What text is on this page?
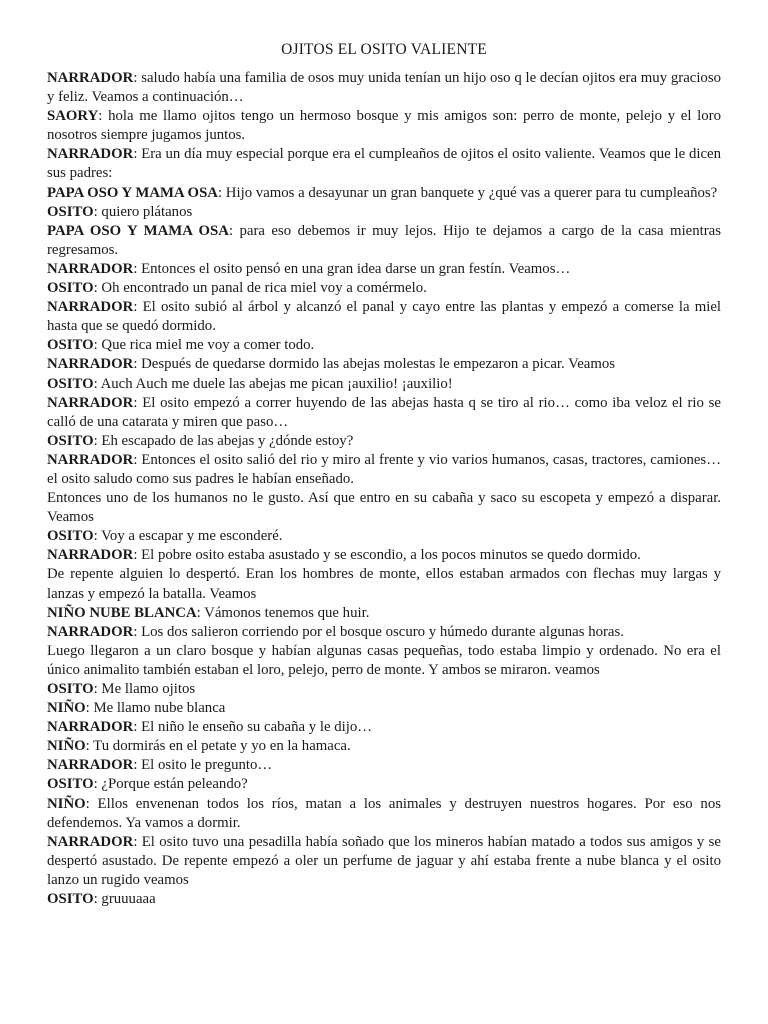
OJITOS EL OSITO VALIENTE

NARRADOR: saludo había una familia de osos muy unida tenían un hijo oso q le decían ojitos era muy gracioso y feliz. Veamos a continuación…

SAORY: hola me llamo ojitos tengo un hermoso bosque y mis amigos son: perro de monte, pelejo y el loro nosotros siempre jugamos juntos.

NARRADOR: Era un día muy especial porque era el cumpleaños de ojitos el osito valiente. Veamos que le dicen sus padres:

PAPA OSO Y MAMA OSA: Hijo vamos a desayunar un gran banquete y ¿qué vas a querer para tu cumpleaños?

OSITO: quiero plátanos

PAPA OSO Y MAMA OSA: para eso debemos ir muy lejos. Hijo te dejamos a cargo de la casa mientras regresamos.

NARRADOR: Entonces el osito pensó en una gran idea darse un gran festín. Veamos…

OSITO: Oh encontrado un panal de rica miel voy a comérmelo.

NARRADOR: El osito subió al árbol y alcanzó el panal y cayo entre las plantas y empezó a comerse la miel hasta que se quedó dormido.

OSITO: Que rica miel me voy a comer todo.

NARRADOR: Después de quedarse dormido las abejas molestas le empezaron a picar. Veamos

OSITO: Auch Auch me duele las abejas me pican ¡auxilio! ¡auxilio!

NARRADOR: El osito empezó a correr huyendo de las abejas hasta q se tiro al rio… como iba veloz el rio se calló de una catarata y miren que paso…

OSITO: Eh escapado de las abejas y ¿dónde estoy?

NARRADOR: Entonces el osito salió del rio y miro al frente y vio varios humanos, casas, tractores, camiones… el osito saludo como sus padres le habían enseñado.

Entonces uno de los humanos no le gusto. Así que entro en su cabaña y saco su escopeta y empezó a disparar. Veamos

OSITO: Voy a escapar y me esconderé.

NARRADOR: El pobre osito estaba asustado y se escondio, a los pocos minutos se quedo dormido.

De repente alguien lo despertó. Eran los hombres de monte, ellos estaban armados con flechas muy largas y lanzas y empezó la batalla. Veamos

NIÑO NUBE BLANCA: Vámonos tenemos que huir.

NARRADOR: Los dos salieron corriendo por el bosque oscuro y húmedo durante algunas horas.

Luego llegaron a un claro bosque y habían algunas casas pequeñas, todo estaba limpio y ordenado. No era el único animalito también estaban el loro, pelejo, perro de monte. Y ambos se miraron. veamos

OSITO: Me llamo ojitos

NIÑO: Me llamo nube blanca

NARRADOR: El niño le enseño su cabaña y le dijo…

NIÑO: Tu dormirás en el petate y yo en la hamaca.

NARRADOR: El osito le pregunto…

OSITO: ¿Porque están peleando?

NIÑO: Ellos envenenan todos los ríos, matan a los animales y destruyen nuestros hogares. Por eso nos defendemos. Ya vamos a dormir.

NARRADOR: El osito tuvo una pesadilla había soñado que los mineros habían matado a todos sus amigos y se despertó asustado. De repente empezó a oler un perfume de jaguar y ahí estaba frente a nube blanca y el osito lanzo un rugido veamos

OSITO: gruuuaaa
